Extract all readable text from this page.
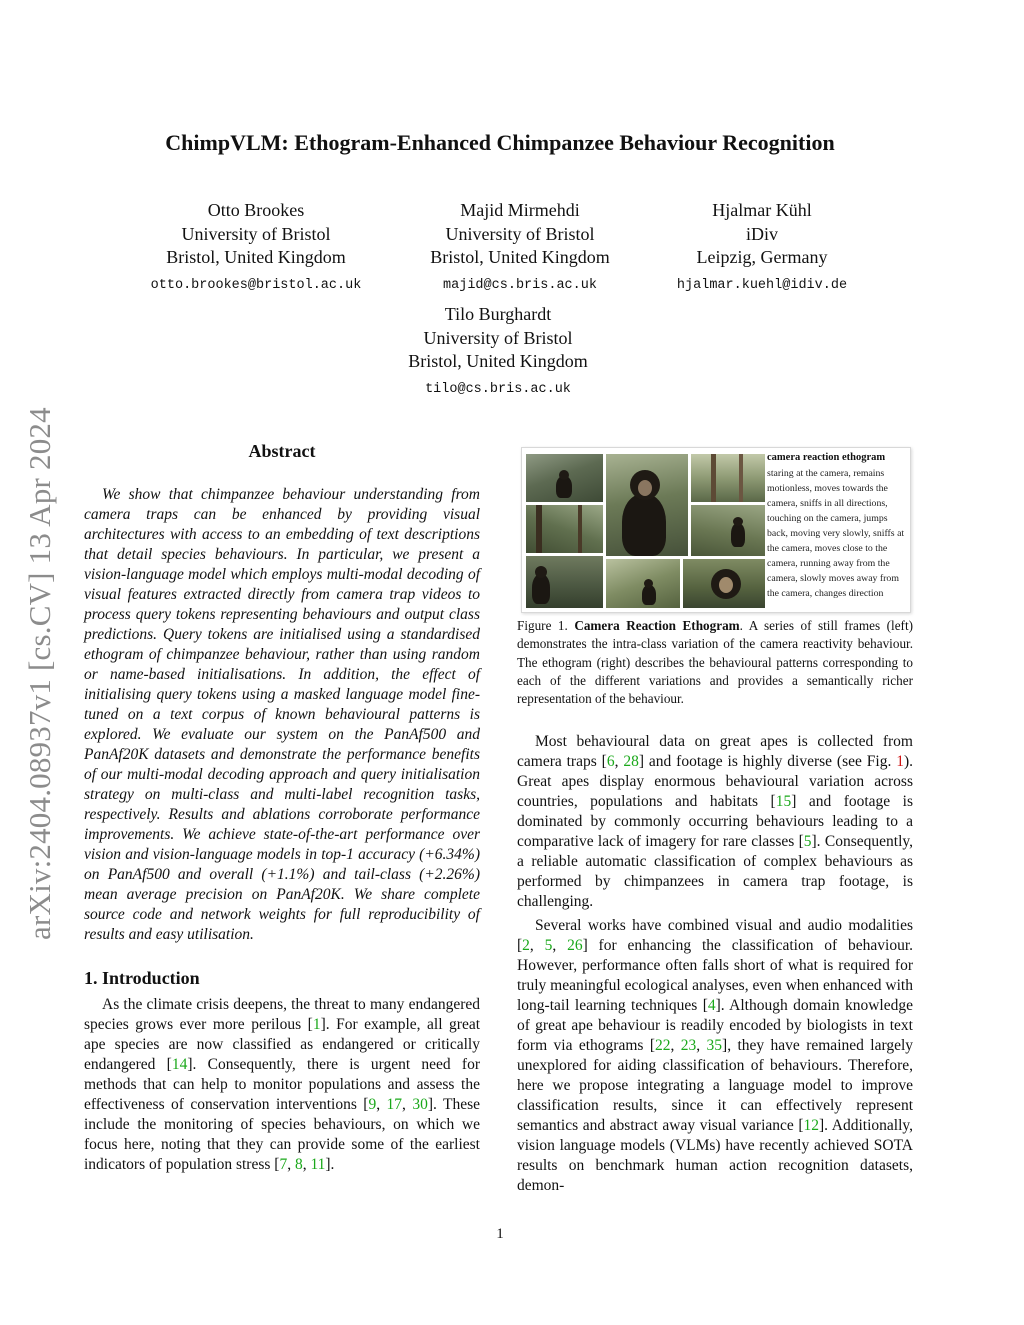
arXiv:2404.08937v1 [cs.CV] 13 Apr 2024
ChimpVLM: Ethogram-Enhanced Chimpanzee Behaviour Recognition
Otto Brookes
University of Bristol
Bristol, United Kingdom
otto.brookes@bristol.ac.uk
Majid Mirmehdi
University of Bristol
Bristol, United Kingdom
majid@cs.bris.ac.uk
Hjalmar Kühl
iDiv
Leipzig, Germany
hjalmar.kuehl@idiv.de
Tilo Burghardt
University of Bristol
Bristol, United Kingdom
tilo@cs.bris.ac.uk
Abstract

We show that chimpanzee behaviour understanding from camera traps can be enhanced by providing visual architectures with access to an embedding of text descriptions that detail species behaviours. In particular, we present a vision-language model which employs multi-modal decoding of visual features extracted directly from camera trap videos to process query tokens representing behaviours and output class predictions. Query tokens are initialised using a standardised ethogram of chimpanzee behaviour, rather than using random or name-based initialisations. In addition, the effect of initialising query tokens using a masked language model fine-tuned on a text corpus of known behavioural patterns is explored. We evaluate our system on the PanAf500 and PanAf20K datasets and demonstrate the performance benefits of our multi-modal decoding approach and query initialisation strategy on multi-class and multi-label recognition tasks, respectively. Results and ablations corroborate performance improvements. We achieve state-of-the-art performance over vision and vision-language models in top-1 accuracy (+6.34%) on PanAf500 and overall (+1.1%) and tail-class (+2.26%) mean average precision on PanAf20K. We share complete source code and network weights for full reproducibility of results and easy utilisation.

1. Introduction

As the climate crisis deepens, the threat to many endangered species grows ever more perilous [1]. For example, all great ape species are now classified as endangered or critically endangered [14]. Consequently, there is urgent need for methods that can help to monitor populations and assess the effectiveness of conservation interventions [9, 17, 30]. These include the monitoring of species behaviours, on which we focus here, noting that they can provide some of the earliest indicators of population stress [7, 8, 11].

camera reaction ethogram
staring at the camera, remains motionless, moves towards the camera, sniffs in all directions, touching on the camera, jumps back, moving very slowly, sniffs at the camera, moves close to the camera, running away from the camera, slowly moves away from the camera, changes direction
Figure 1. Camera Reaction Ethogram. A series of still frames (left) demonstrates the intra-class variation of the camera reactivity behaviour. The ethogram (right) describes the behavioural patterns corresponding to each of the different variations and provides a semantically richer representation of the behaviour.

Most behavioural data on great apes is collected from camera traps [6, 28] and footage is highly diverse (see Fig. 1). Great apes display enormous behavioural variation across countries, populations and habitats [15] and footage is dominated by commonly occurring behaviours leading to a comparative lack of imagery for rare classes [5]. Consequently, a reliable automatic classification of complex behaviours as performed by chimpanzees in camera trap footage, is challenging.

Several works have combined visual and audio modalities [2, 5, 26] for enhancing the classification of behaviour. However, performance often falls short of what is required for truly meaningful ecological analyses, even when enhanced with long-tail learning techniques [4]. Although domain knowledge of great ape behaviour is readily encoded by biologists in text form via ethograms [22, 23, 35], they have remained largely unexplored for aiding classification of behaviours. Therefore, here we propose integrating a language model to improve classification results, since it can effectively represent semantics and abstract away visual variance [12]. Additionally, vision language models (VLMs) have recently achieved SOTA results on benchmark human action recognition datasets, demon-

1
